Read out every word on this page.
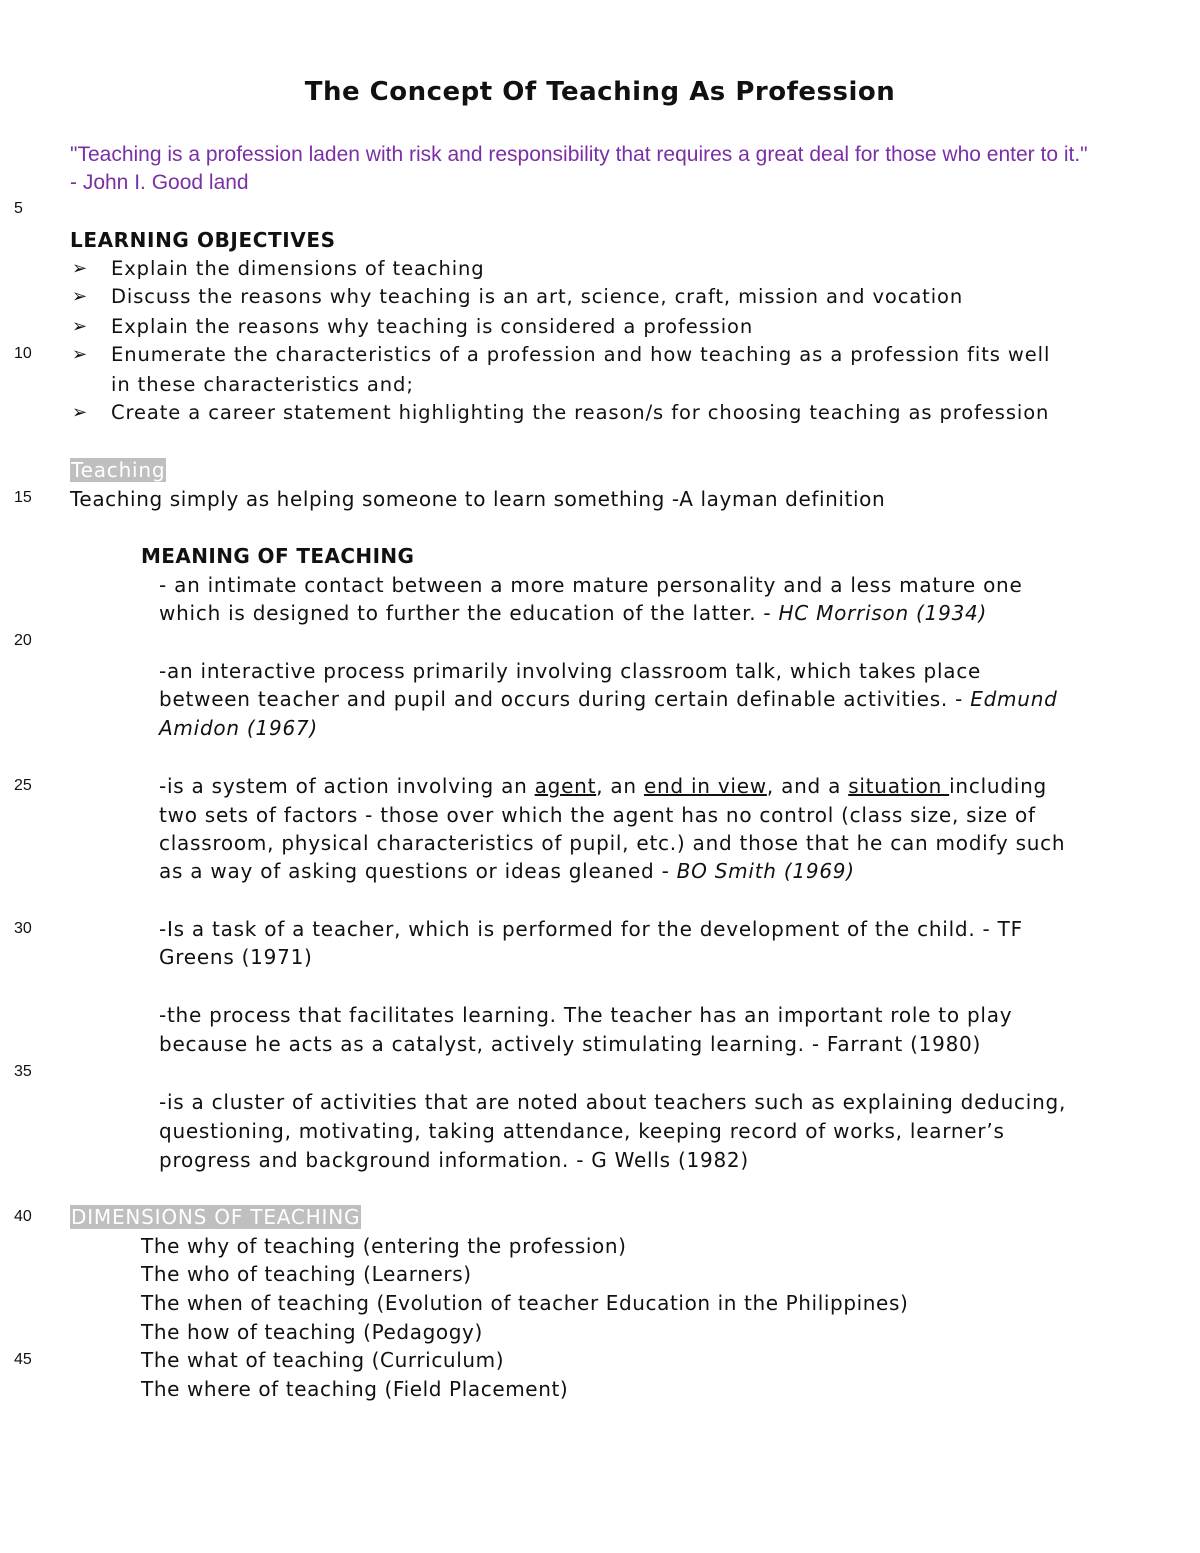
The Concept Of Teaching As Profession
"Teaching is a profession laden with risk and responsibility that requires a great deal for those who enter to it."
- John I. Good land
5
10
15
20
25
30
35
40
45
LEARNING OBJECTIVES
➢ Explain the dimensions of teaching
➢ Discuss the reasons why teaching is an art, science, craft, mission and vocation
➢ Explain the reasons why teaching is considered a profession
➢ Enumerate the characteristics of a profession and how teaching as a profession fits well
in these characteristics and;
➢ Create a career statement highlighting the reason/s for choosing teaching as profession
Teaching
Teaching simply as helping someone to learn something -A layman definition
MEANING OF TEACHING
- an intimate contact between a more mature personality and a less mature one
which is designed to further the education of the latter. - HC Morrison (1934)
-an interactive process primarily involving classroom talk, which takes place
between teacher and pupil and occurs during certain definable activities. - Edmund
Amidon (1967)
-is a system of action involving an agent, an end in view, and a situation including
two sets of factors - those over which the agent has no control (class size, size of
classroom, physical characteristics of pupil, etc.) and those that he can modify such
as a way of asking questions or ideas gleaned - BO Smith (1969)
-Is a task of a teacher, which is performed for the development of the child. - TF
Greens (1971)
-the process that facilitates learning. The teacher has an important role to play
because he acts as a catalyst, actively stimulating learning. - Farrant (1980)
-is a cluster of activities that are noted about teachers such as explaining deducing,
questioning, motivating, taking attendance, keeping record of works, learner’s
progress and background information. - G Wells (1982)
DIMENSIONS OF TEACHING
The why of teaching (entering the profession)
The who of teaching (Learners)
The when of teaching (Evolution of teacher Education in the Philippines)
The how of teaching (Pedagogy)
The what of teaching (Curriculum)
The where of teaching (Field Placement)
